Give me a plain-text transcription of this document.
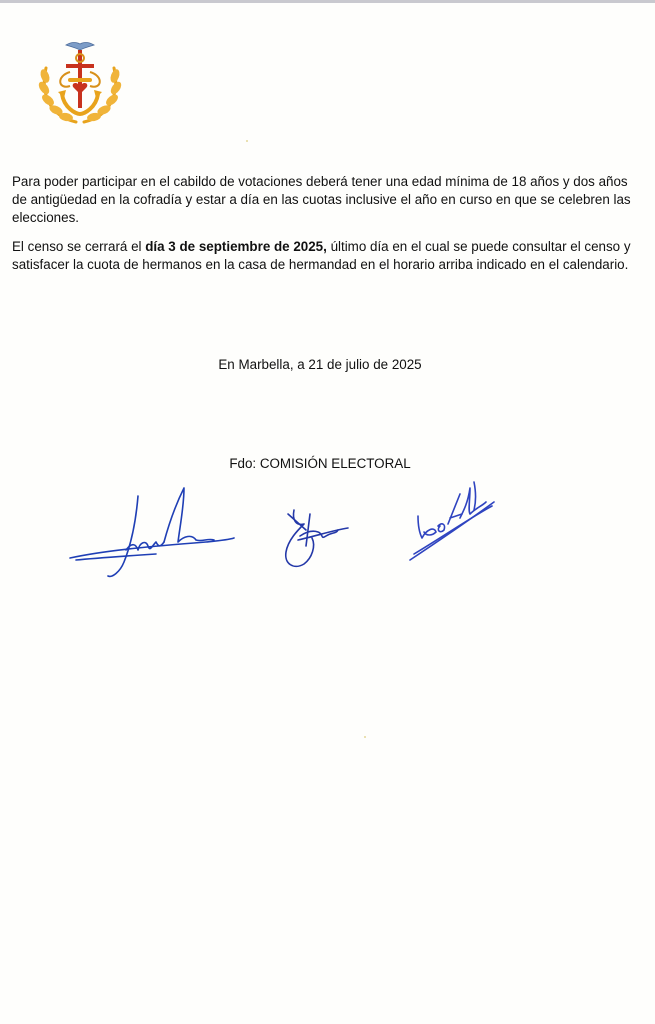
Para poder participar en el cabildo de votaciones deberá tener una edad mínima de 18 años y dos años de antigüedad en la cofradía y estar a día en las cuotas inclusive el año en curso en que se celebren las elecciones.

El censo se cerrará el día 3 de septiembre de 2025, último día en el cual se puede consultar el censo y satisfacer la cuota de hermanos en la casa de hermandad en el horario arriba indicado en el calendario.

En Marbella, a 21 de julio de 2025

Fdo: COMISIÓN ELECTORAL
